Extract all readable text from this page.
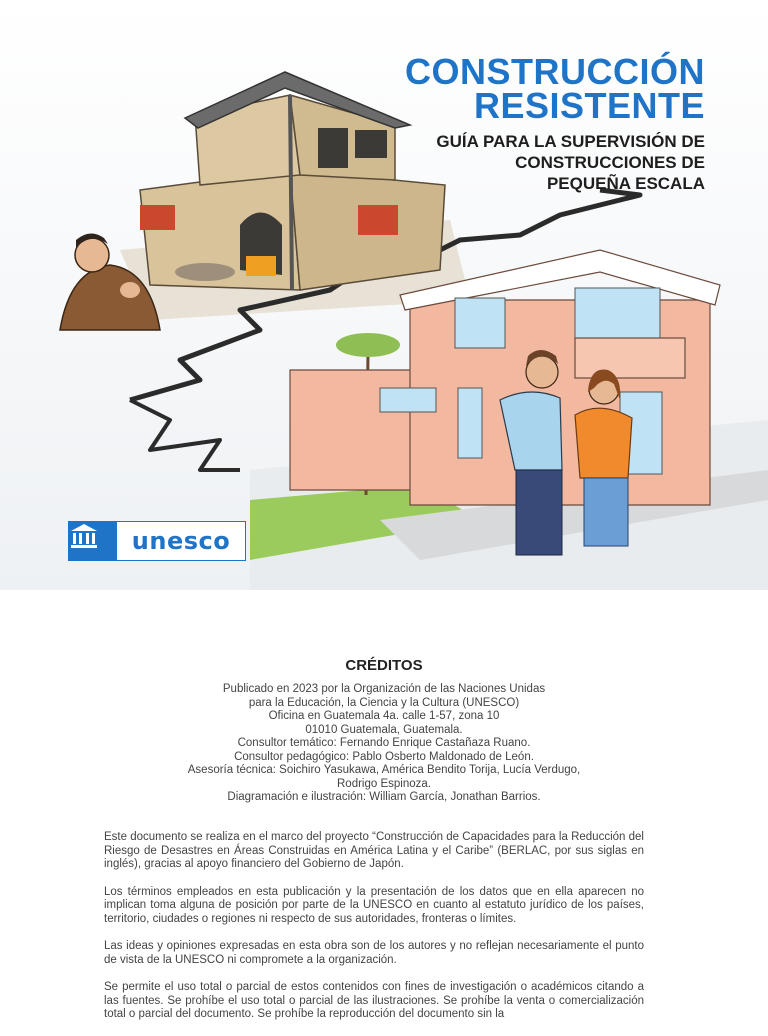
CONSTRUCCIÓN
RESISTENTE
GUÍA PARA LA SUPERVISIÓN DE
CONSTRUCCIONES DE
PEQUEÑA ESCALA
unesco
CRÉDITOS
Publicado en 2023 por la Organización de las Naciones Unidas
para la Educación, la Ciencia y la Cultura (UNESCO)
Oficina en Guatemala 4a. calle 1-57, zona 10
01010 Guatemala, Guatemala.
Consultor temático: Fernando Enrique Castañaza Ruano.
Consultor pedagógico: Pablo Osberto Maldonado de León.
Asesoría técnica: Soichiro Yasukawa, América Bendito Torija, Lucía Verdugo,
Rodrigo Espinoza.
Diagramación e ilustración: William García, Jonathan Barrios.

Este documento se realiza en el marco del proyecto “Construcción de Capacidades para la Reducción del Riesgo de Desastres en Áreas Construidas en América Latina y el Caribe” (BERLAC, por sus siglas en inglés), gracias al apoyo financiero del Gobierno de Japón.

Los términos empleados en esta publicación y la presentación de los datos que en ella aparecen no implican toma alguna de posición por parte de la UNESCO en cuanto al estatuto jurídico de los países, territorio, ciudades o regiones ni respecto de sus autoridades, fronteras o límites.

Las ideas y opiniones expresadas en esta obra son de los autores y no reflejan necesariamente el punto de vista de la UNESCO ni compromete a la organización.

Se permite el uso total o parcial de estos contenidos con fines de investigación o académicos citando a las fuentes. Se prohíbe el uso total o parcial de las ilustraciones. Se prohíbe la venta o comercialización total o parcial del documento. Se prohíbe la reproducción del documento sin la
